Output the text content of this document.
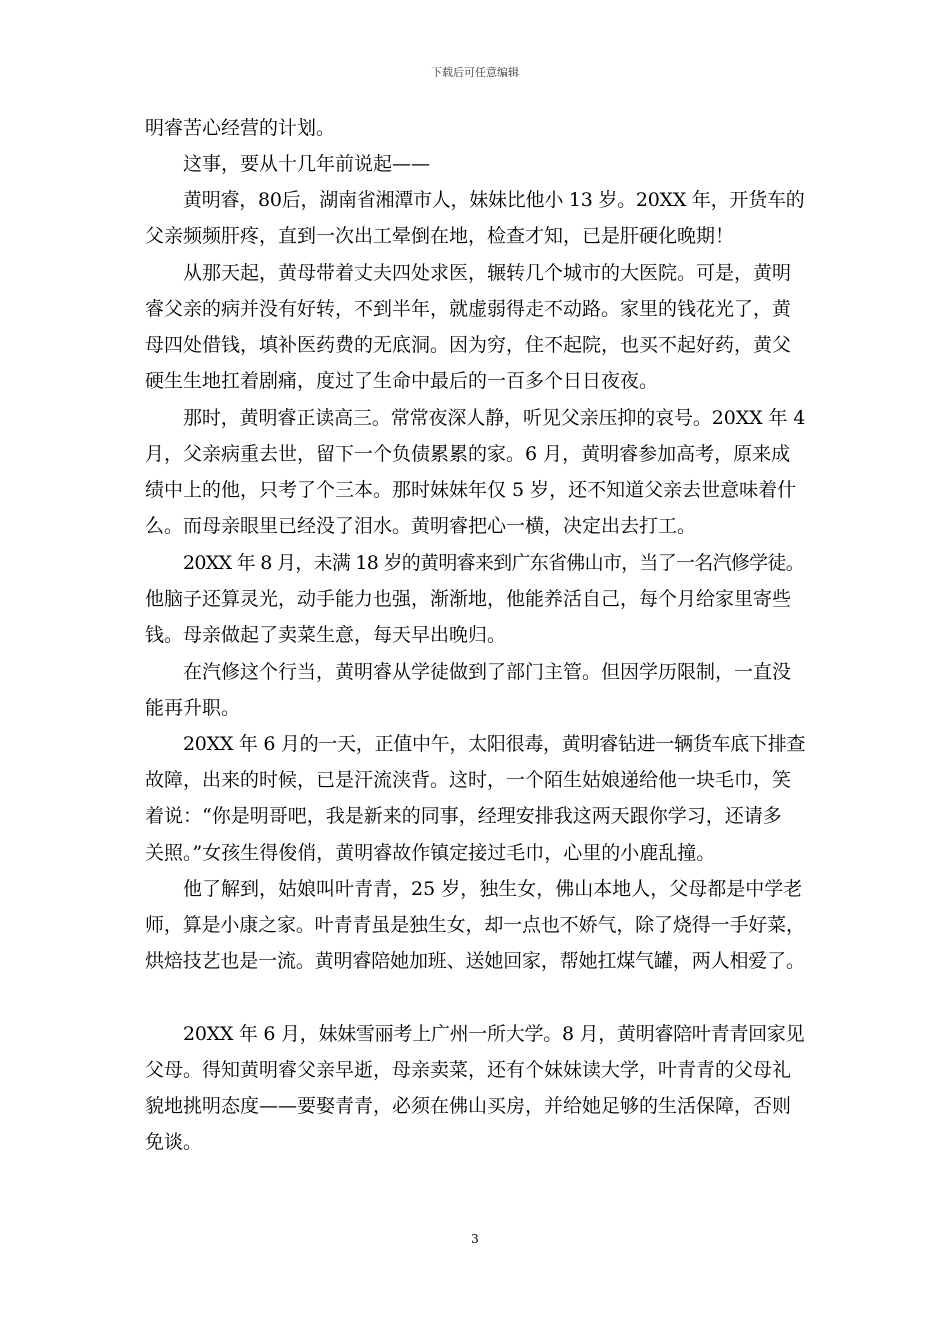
下载后可任意编辑
明睿苦心经营的计划。
这事，要从十几年前说起——
黄明睿，80后，湖南省湘潭市人，妹妹比他小 13 岁。20XX 年，开货车的
父亲频频肝疼，直到一次出工晕倒在地，检查才知，已是肝硬化晚期！
从那天起，黄母带着丈夫四处求医，辗转几个城市的大医院。可是，黄明
睿父亲的病并没有好转，不到半年，就虚弱得走不动路。家里的钱花光了，黄
母四处借钱，填补医药费的无底洞。因为穷，住不起院，也买不起好药，黄父
硬生生地扛着剧痛，度过了生命中最后的一百多个日日夜夜。
那时，黄明睿正读高三。常常夜深人静，听见父亲压抑的哀号。20XX 年 4
月，父亲病重去世，留下一个负债累累的家。6 月，黄明睿参加高考，原来成
绩中上的他，只考了个三本。那时妹妹年仅 5 岁，还不知道父亲去世意味着什
么。而母亲眼里已经没了泪水。黄明睿把心一横，决定出去打工。
20XX 年 8 月，未满 18 岁的黄明睿来到广东省佛山市，当了一名汽修学徒。
他脑子还算灵光，动手能力也强，渐渐地，他能养活自己，每个月给家里寄些
钱。母亲做起了卖菜生意，每天早出晚归。
在汽修这个行当，黄明睿从学徒做到了部门主管。但因学历限制，一直没
能再升职。
20XX 年 6 月的一天，正值中午，太阳很毒，黄明睿钻进一辆货车底下排查
故障，出来的时候，已是汗流浃背。这时，一个陌生姑娘递给他一块毛巾，笑
着说：“你是明哥吧，我是新来的同事，经理安排我这两天跟你学习，还请多
关照。”女孩生得俊俏，黄明睿故作镇定接过毛巾，心里的小鹿乱撞。
他了解到，姑娘叫叶青青，25 岁，独生女，佛山本地人，父母都是中学老
师，算是小康之家。叶青青虽是独生女，却一点也不娇气，除了烧得一手好菜，
烘焙技艺也是一流。黄明睿陪她加班、送她回家，帮她扛煤气罐，两人相爱了。
20XX 年 6 月，妹妹雪丽考上广州一所大学。8 月，黄明睿陪叶青青回家见
父母。得知黄明睿父亲早逝，母亲卖菜，还有个妹妹读大学，叶青青的父母礼
貌地挑明态度——要娶青青，必须在佛山买房，并给她足够的生活保障，否则
免谈。
3
